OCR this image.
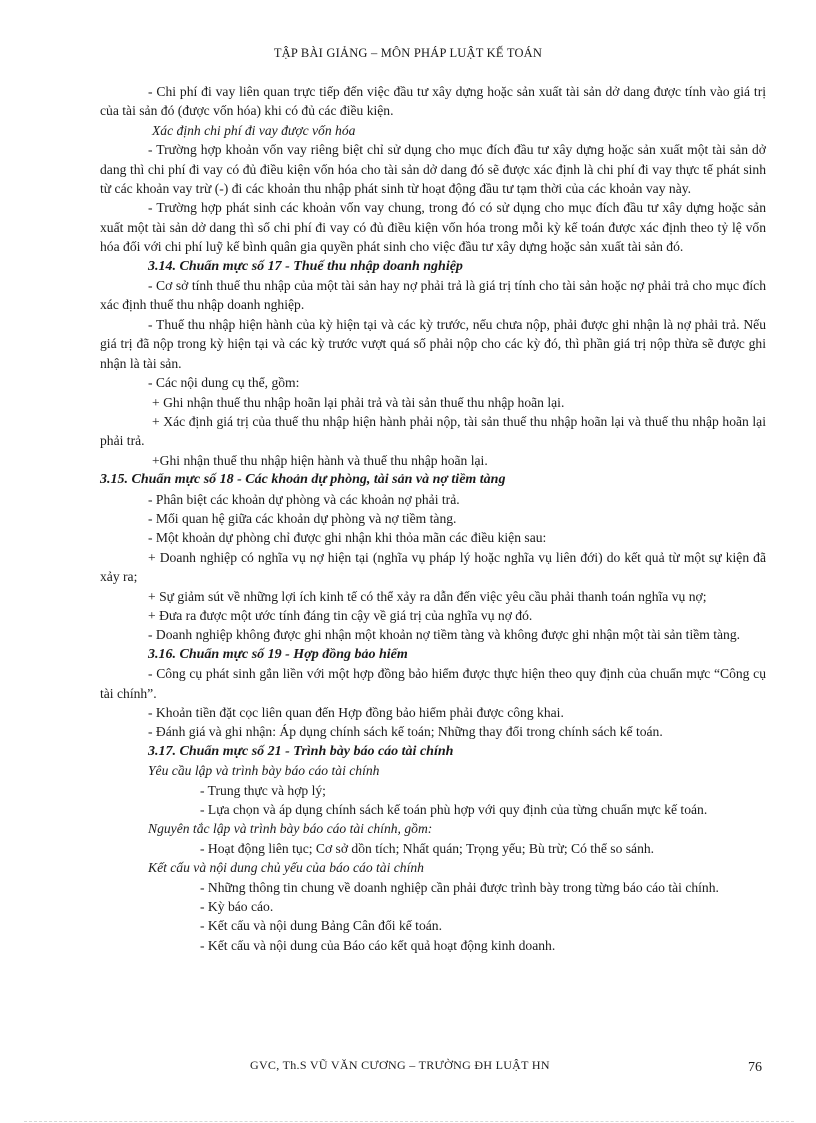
TẬP BÀI GIẢNG – MÔN PHÁP LUẬT KẾ TOÁN

- Chi phí đi vay liên quan trực tiếp đến việc đầu tư xây dựng hoặc sản xuất tài sản dở dang được tính vào giá trị của tài sản đó (được vốn hóa) khi có đủ các điều kiện.

Xác định chi phí đi vay được vốn hóa

- Trường hợp khoản vốn vay riêng biệt chỉ sử dụng cho mục đích đầu tư xây dựng hoặc sản xuất một tài sản dở dang thì chi phí đi vay có đủ điều kiện vốn hóa cho tài sản dở dang đó sẽ được xác định là chi phí đi vay thực tế phát sinh từ các khoản vay trừ (-) đi các khoản thu nhập phát sinh từ hoạt động đầu tư tạm thời của các khoản vay này.

- Trường hợp phát sinh các khoản vốn vay chung, trong đó có sử dụng cho mục đích đầu tư xây dựng hoặc sản xuất một tài sản dở dang thì số chi phí đi vay có đủ điều kiện vốn hóa trong mỗi kỳ kế toán được xác định theo tỷ lệ vốn hóa đối với chi phí luỹ kế bình quân gia quyền phát sinh cho việc đầu tư xây dựng hoặc sản xuất tài sản đó.

3.14. Chuẩn mực số 17 - Thuế thu nhập doanh nghiệp

- Cơ sở tính thuế thu nhập của một tài sản hay nợ phải trả là giá trị tính cho tài sản hoặc nợ phải trả cho mục đích xác định thuế thu nhập doanh nghiệp.

- Thuế thu nhập hiện hành của kỳ hiện tại và các kỳ trước, nếu chưa nộp, phải được ghi nhận là nợ phải trả. Nếu giá trị đã nộp trong kỳ hiện tại và các kỳ trước vượt quá số phải nộp cho các kỳ đó, thì phần giá trị nộp thừa sẽ được ghi nhận là tài sản.

- Các nội dung cụ thể, gồm:

+ Ghi nhận thuế thu nhập hoãn lại phải trả và tài sản thuế thu nhập hoãn lại.

+ Xác định giá trị của thuế thu nhập hiện hành phải nộp, tài sản thuế thu nhập hoãn lại và thuế thu nhập hoãn lại phải trả.

+Ghi nhận thuế thu nhập hiện hành và thuế thu nhập hoãn lại.

3.15. Chuẩn mực số 18 - Các khoản dự phòng, tài sản và nợ tiềm tàng

- Phân biệt các khoản dự phòng và các khoản nợ phải trả.

- Mối quan hệ giữa các khoản dự phòng và nợ tiềm tàng.

- Một khoản dự phòng chỉ được ghi nhận khi thỏa mãn các điều kiện sau:

+ Doanh nghiệp có nghĩa vụ nợ hiện tại (nghĩa vụ pháp lý hoặc nghĩa vụ liên đới) do kết quả từ một sự kiện đã xảy ra;

+ Sự giảm sút về những lợi ích kinh tế có thể xảy ra dẫn đến việc yêu cầu phải thanh toán nghĩa vụ nợ;

+ Đưa ra được một ước tính đáng tin cậy về giá trị của nghĩa vụ nợ đó.

- Doanh nghiệp không được ghi nhận một khoản nợ tiềm tàng và không được ghi nhận một tài sản tiềm tàng.

3.16. Chuẩn mực số 19 - Hợp đồng bảo hiểm

- Công cụ phát sinh gắn liền với một hợp đồng bảo hiểm được thực hiện theo quy định của chuẩn mực “Công cụ tài chính”.

- Khoản tiền đặt cọc liên quan đến Hợp đồng bảo hiểm phải được công khai.

- Đánh giá và ghi nhận: Áp dụng chính sách kế toán; Những thay đổi trong chính sách kế toán.

3.17. Chuẩn mực số 21 - Trình bày báo cáo tài chính

Yêu cầu lập và trình bày báo cáo tài chính

- Trung thực và hợp lý;

- Lựa chọn và áp dụng chính sách kế toán phù hợp với quy định của từng chuẩn mực kế toán.

Nguyên tắc lập và trình bày báo cáo tài chính, gồm:

- Hoạt động liên tục; Cơ sở dồn tích; Nhất quán; Trọng yếu; Bù trừ; Có thể so sánh.

Kết cấu và nội dung chủ yếu của báo cáo tài chính

- Những thông tin chung về doanh nghiệp cần phải được trình bày trong từng báo cáo tài chính.

- Kỳ báo cáo.

- Kết cấu và nội dung Bảng Cân đối kế toán.

- Kết cấu và nội dung của Báo cáo kết quả hoạt động kinh doanh.

GVC, Th.S VŨ VĂN CƯƠNG – TRƯỜNG ĐH LUẬT HN	76
